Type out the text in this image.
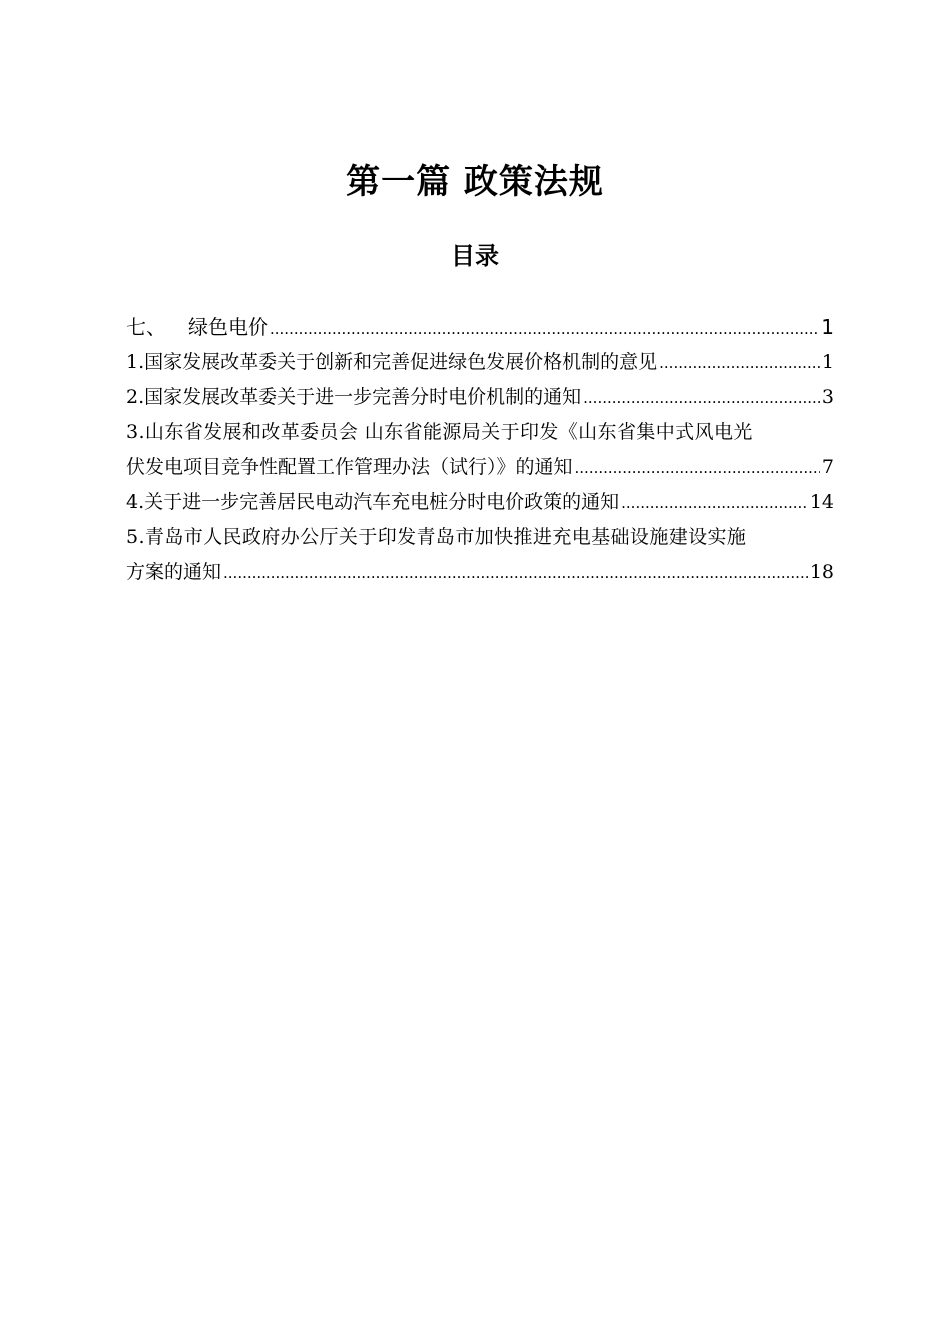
第一篇 政策法规
目录
七、 绿色电价 .....	1
1.国家发展改革委关于创新和完善促进绿色发展价格机制的意见 .....	1
2.国家发展改革委关于进一步完善分时电价机制的通知 .....	3
3.山东省发展和改革委员会 山东省能源局关于印发《山东省集中式风电光
伏发电项目竞争性配置工作管理办法（试行）》的通知 .....	7
4.关于进一步完善居民电动汽车充电桩分时电价政策的通知 .....	14
5.青岛市人民政府办公厅关于印发青岛市加快推进充电基础设施建设实施
方案的通知 .....	18
